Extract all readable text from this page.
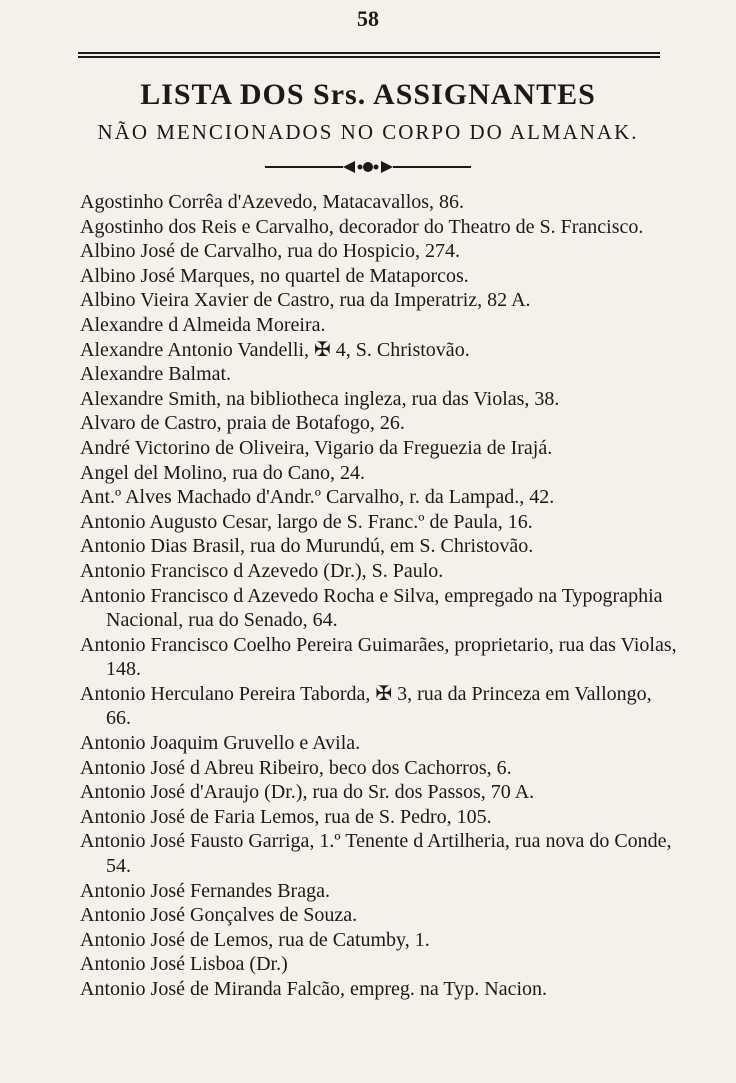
58
LISTA DOS Srs. ASSIGNANTES
NÃO MENCIONADOS NO CORPO DO ALMANAK.
Agostinho Corrêa d'Azevedo, Matacavallos, 86.
Agostinho dos Reis e Carvalho, decorador do Theatro de S. Francisco.
Albino José de Carvalho, rua do Hospicio, 274.
Albino José Marques, no quartel de Mataporcos.
Albino Vieira Xavier de Castro, rua da Imperatriz, 82 A.
Alexandre d Almeida Moreira.
Alexandre Antonio Vandelli, ✠ 4, S. Christovão.
Alexandre Balmat.
Alexandre Smith, na bibliotheca ingleza, rua das Violas, 38.
Alvaro de Castro, praia de Botafogo, 26.
André Victorino de Oliveira, Vigario da Freguezia de Irajá.
Angel del Molino, rua do Cano, 24.
Ant.º Alves Machado d'Andr.º Carvalho, r. da Lampad., 42.
Antonio Augusto Cesar, largo de S. Franc.º de Paula, 16.
Antonio Dias Brasil, rua do Murundú, em S. Christovão.
Antonio Francisco d Azevedo (Dr.), S. Paulo.
Antonio Francisco d Azevedo Rocha e Silva, empregado na Typographia Nacional, rua do Senado, 64.
Antonio Francisco Coelho Pereira Guimarães, proprietario, rua das Violas, 148.
Antonio Herculano Pereira Taborda, ✠ 3, rua da Princeza em Vallongo, 66.
Antonio Joaquim Gruvello e Avila.
Antonio José d Abreu Ribeiro, beco dos Cachorros, 6.
Antonio José d'Araujo (Dr.), rua do Sr. dos Passos, 70 A.
Antonio José de Faria Lemos, rua de S. Pedro, 105.
Antonio José Fausto Garriga, 1.º Tenente d Artilheria, rua nova do Conde, 54.
Antonio José Fernandes Braga.
Antonio José Gonçalves de Souza.
Antonio José de Lemos, rua de Catumby, 1.
Antonio José Lisboa (Dr.)
Antonio José de Miranda Falcão, empreg. na Typ. Nacion.
